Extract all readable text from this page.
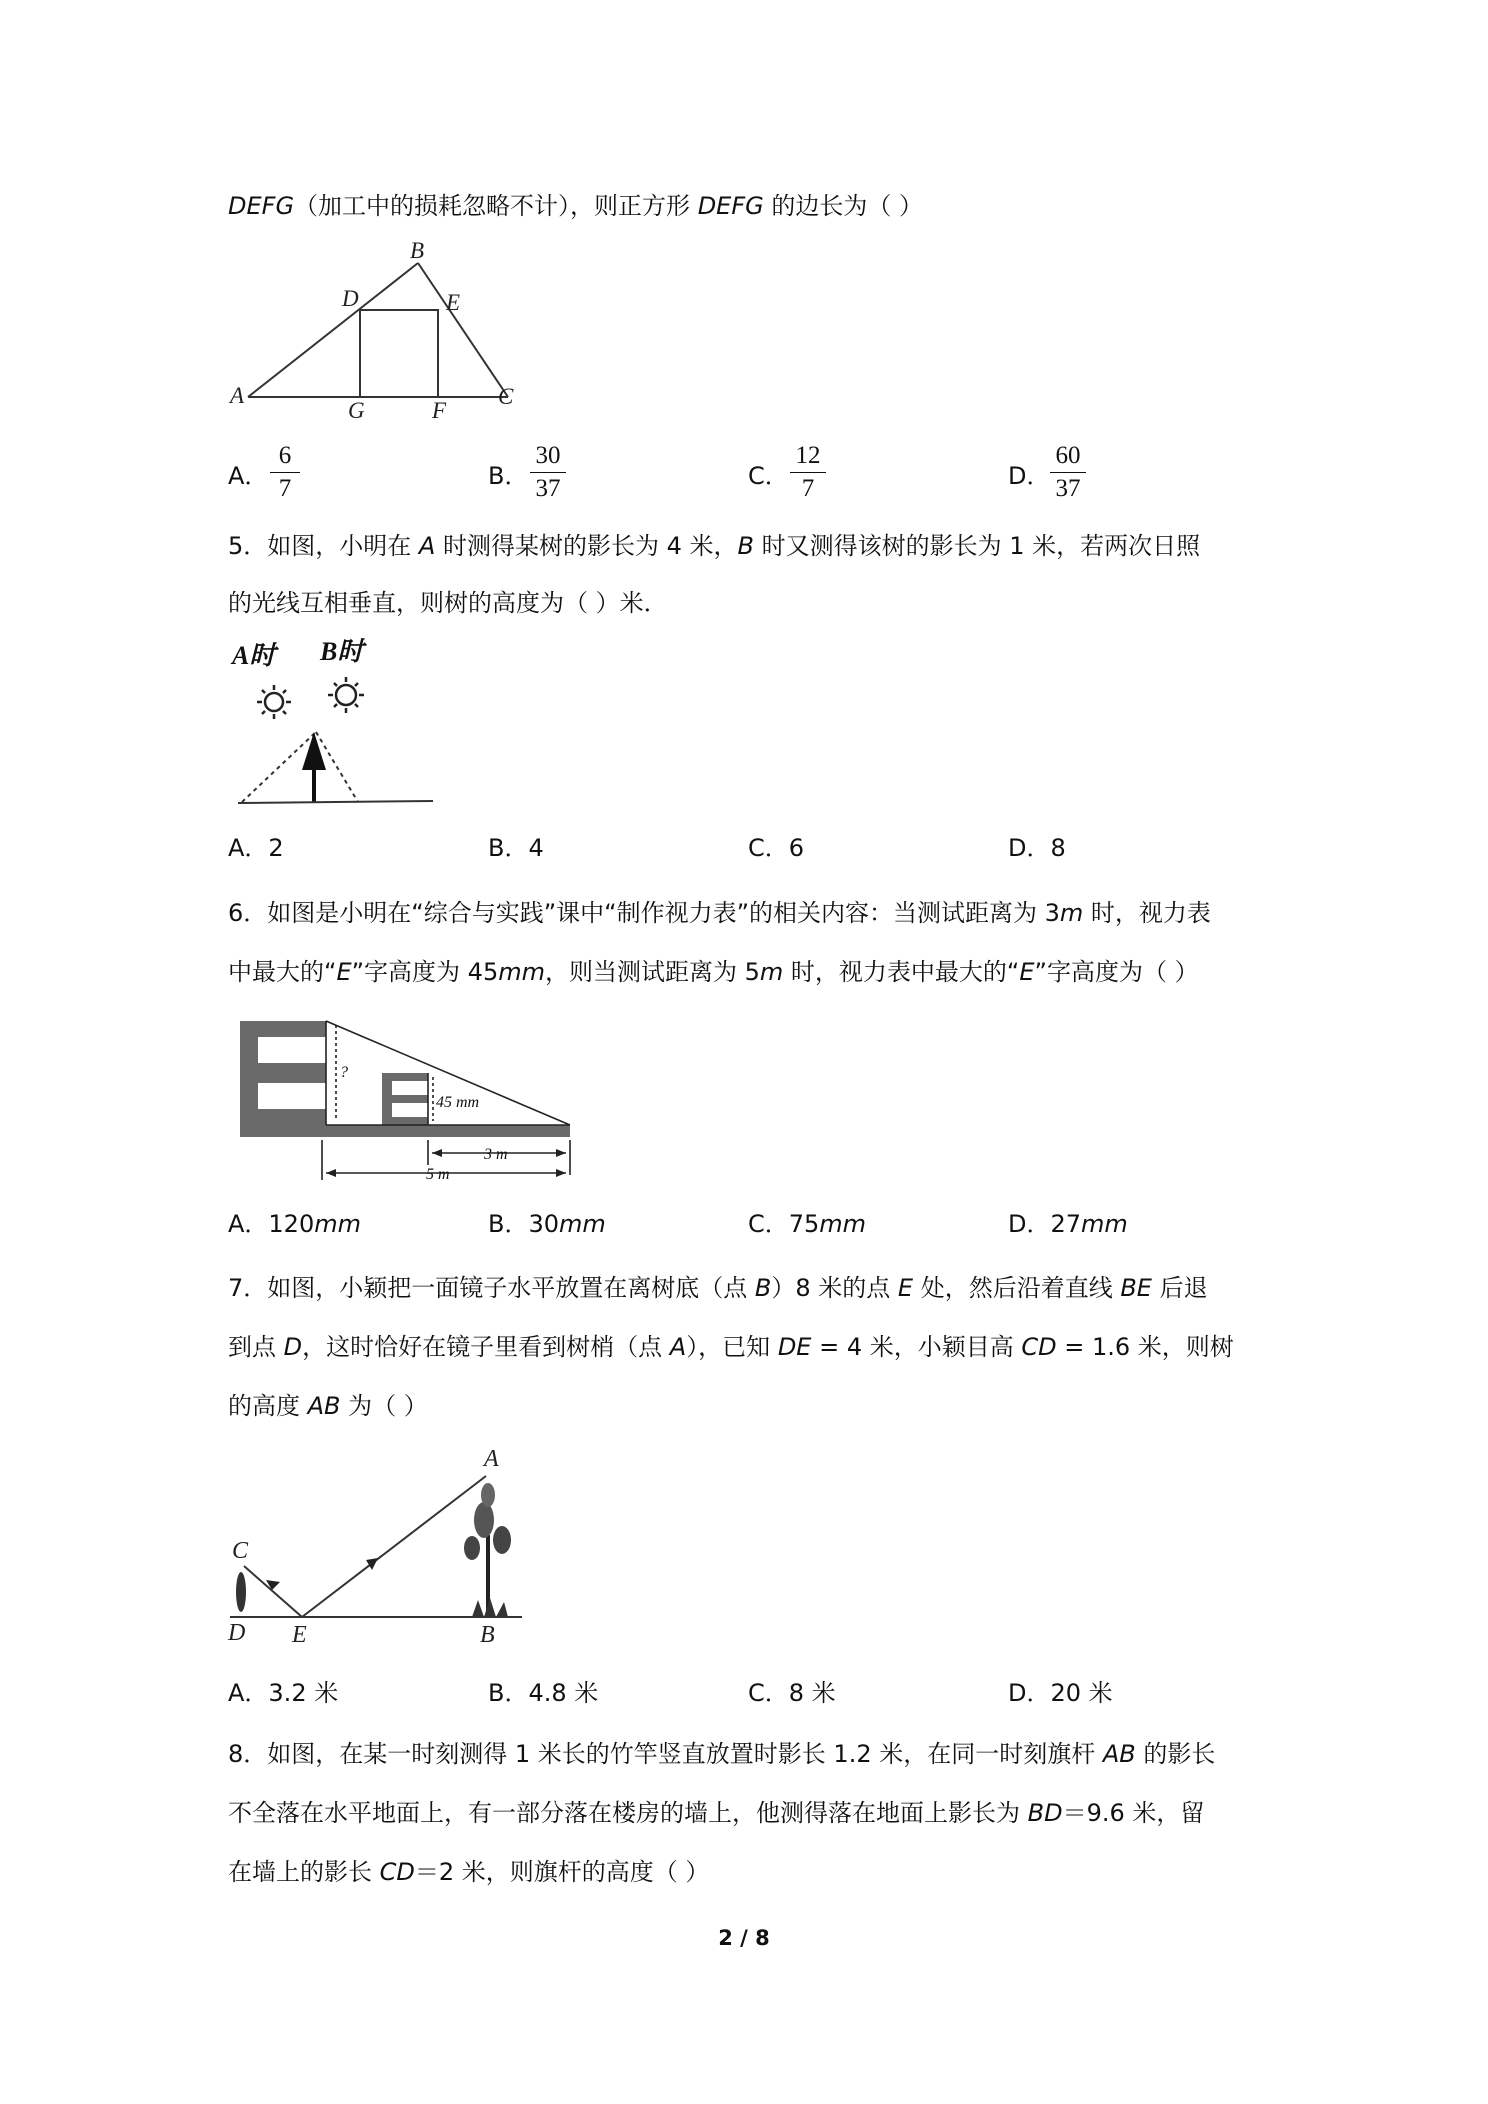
DEFG（加工中的损耗忽略不计），则正方形 DEFG 的边长为（ ）
A
B
C
D	E
F
G
A．
6
7	B．
30
37	C．
12
7	D．
60
37
5．如图，小明在 A 时测得某树的影长为 4 米，B 时又测得该树的影长为 1 米，若两次日照
的光线互相垂直，则树的高度为（ ）米．
A时 B时
A．2	B．4	C．6	D．8
6．如图是小明在“综合与实践”课中“制作视力表”的相关内容：当测试距离为 3m 时，视力表
中最大的“E”字高度为 45mm，则当测试距离为 5m 时，视力表中最大的“E”字高度为（ ）
?
45 mm
3 m
5 m
A．120mm	B．30mm	C．75mm	D．27mm
7．如图，小颖把一面镜子水平放置在离树底（点 B）8 米的点 E 处，然后沿着直线 BE 后退
到点 D，这时恰好在镜子里看到树梢（点 A），已知 DE = 4 米，小颖目高 CD = 1.6 米，则树
的高度 AB 为（ ）
C
D E	B
A
A．3.2 米	B．4.8 米	C．8 米	D．20 米
8．如图，在某一时刻测得 1 米长的竹竿竖直放置时影长 1.2 米，在同一时刻旗杆 AB 的影长
不全落在水平地面上，有一部分落在楼房的墙上，他测得落在地面上影长为 BD＝9.6 米，留
在墙上的影长 CD＝2 米，则旗杆的高度（ ）
2 / 8
